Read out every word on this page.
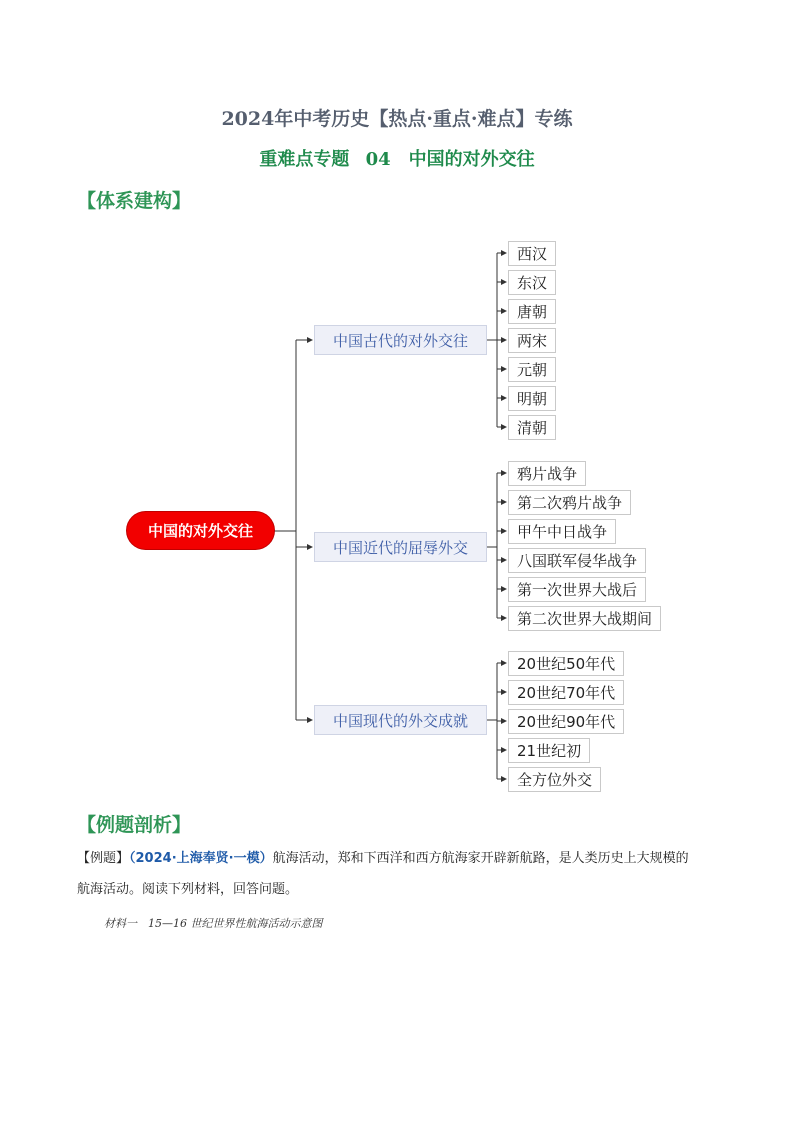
2024年中考历史【热点·重点·难点】专练
重难点专题 04　中国的对外交往
【体系建构】
中国的对外交往
中国古代的对外交往
中国近代的屈辱外交
中国现代的外交成就
西汉
东汉
唐朝
两宋
元朝
明朝
清朝
鸦片战争
第二次鸦片战争
甲午中日战争
八国联军侵华战争
第一次世界大战后
第二次世界大战期间
20世纪50年代
20世纪70年代
20世纪90年代
21世纪初
全方位外交
【例题剖析】
【例题】（2024·上海奉贤·一模）航海活动，郑和下西洋和西方航海家开辟新航路，是人类历史上大规模的
航海活动。阅读下列材料，回答问题。
材料一　15—16 世纪世界性航海活动示意图
